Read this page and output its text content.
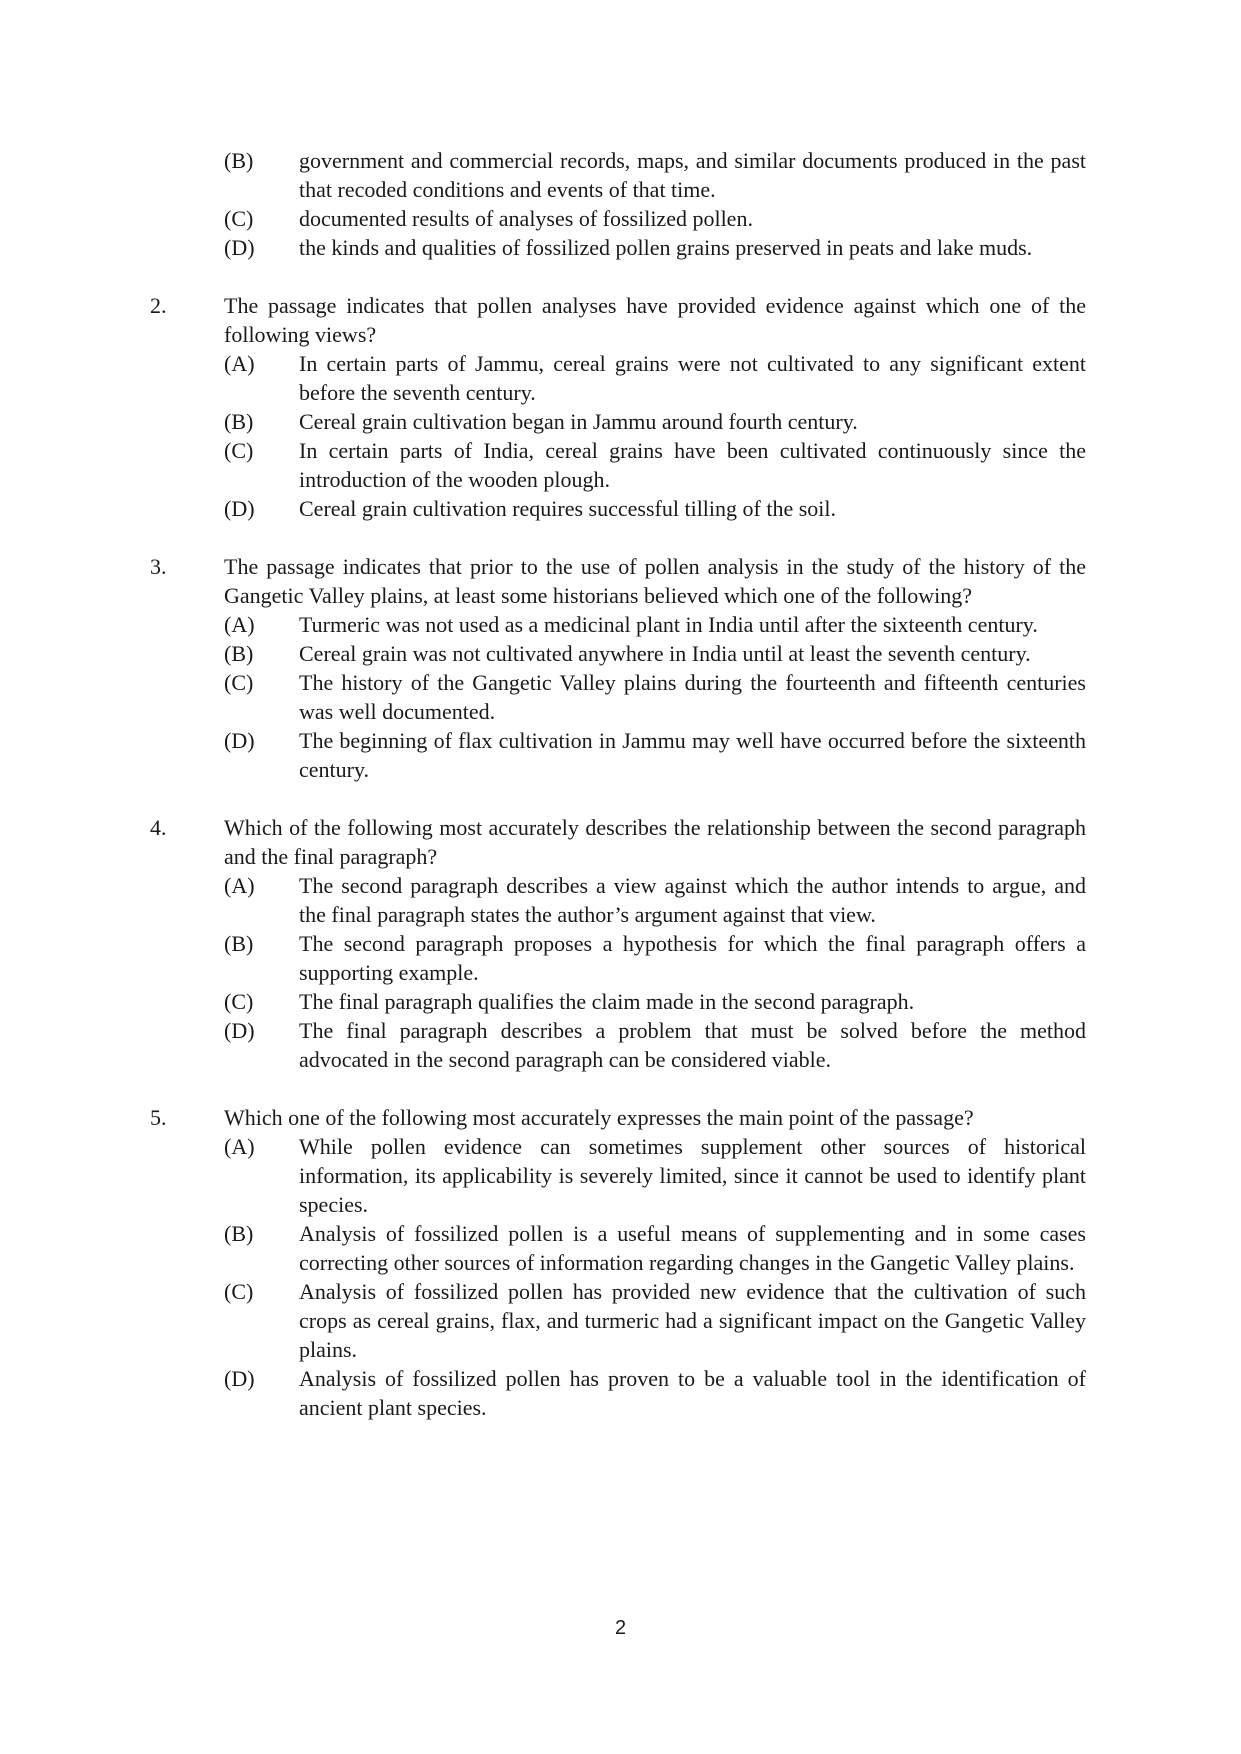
(B)	government and commercial records, maps, and similar documents produced in the past that recoded conditions and events of that time.
(C)	documented results of analyses of fossilized pollen.
(D)	the kinds and qualities of fossilized pollen grains preserved in peats and lake muds.
2.	The passage indicates that pollen analyses have provided evidence against which one of the following views?
(A)	In certain parts of Jammu, cereal grains were not cultivated to any significant extent before the seventh century.
(B)	Cereal grain cultivation began in Jammu around fourth century.
(C)	In certain parts of India, cereal grains have been cultivated continuously since the introduction of the wooden plough.
(D)	Cereal grain cultivation requires successful tilling of the soil.
3.	The passage indicates that prior to the use of pollen analysis in the study of the history of the Gangetic Valley plains, at least some historians believed which one of the following?
(A)	Turmeric was not used as a medicinal plant in India until after the sixteenth century.
(B)	Cereal grain was not cultivated anywhere in India until at least the seventh century.
(C)	The history of the Gangetic Valley plains during the fourteenth and fifteenth centuries was well documented.
(D)	The beginning of flax cultivation in Jammu may well have occurred before the sixteenth century.
4.	Which of the following most accurately describes the relationship between the second paragraph and the final paragraph?
(A)	The second paragraph describes a view against which the author intends to argue, and the final paragraph states the author’s argument against that view.
(B)	The second paragraph proposes a hypothesis for which the final paragraph offers a supporting example.
(C)	The final paragraph qualifies the claim made in the second paragraph.
(D)	The final paragraph describes a problem that must be solved before the method advocated in the second paragraph can be considered viable.
5.	Which one of the following most accurately expresses the main point of the passage?
(A)	While pollen evidence can sometimes supplement other sources of historical information, its applicability is severely limited, since it cannot be used to identify plant species.
(B)	Analysis of fossilized pollen is a useful means of supplementing and in some cases correcting other sources of information regarding changes in the Gangetic Valley plains.
(C)	Analysis of fossilized pollen has provided new evidence that the cultivation of such crops as cereal grains, flax, and turmeric had a significant impact on the Gangetic Valley plains.
(D)	Analysis of fossilized pollen has proven to be a valuable tool in the identification of ancient plant species.
2
